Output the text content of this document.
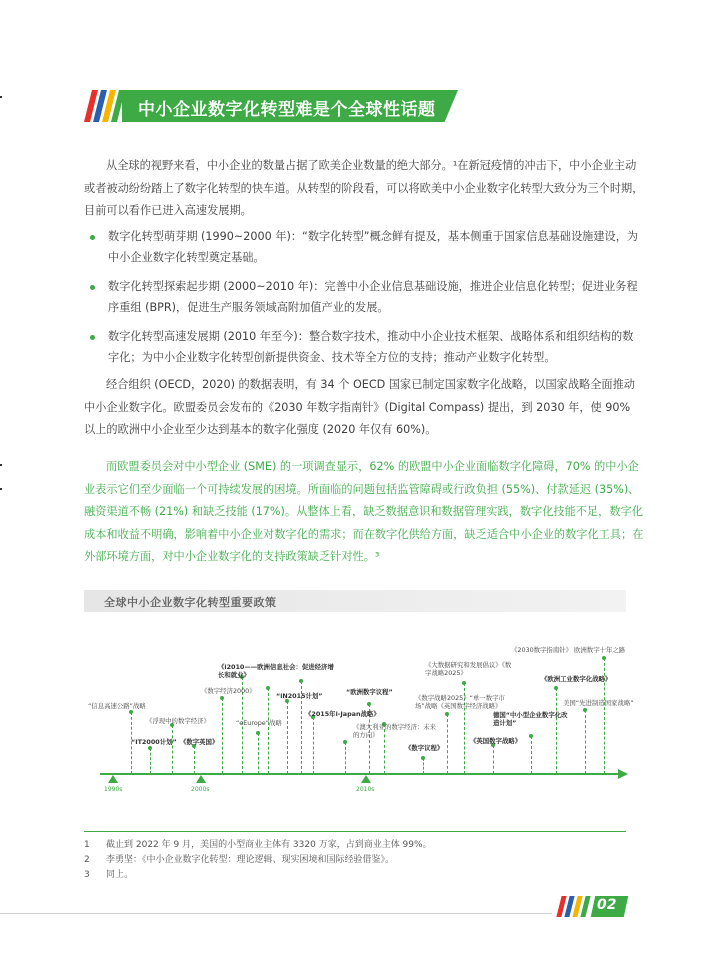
中小企业数字化转型难是个全球性话题

从全球的视野来看，中小企业的数量占据了欧美企业数量的绝大部分。¹在新冠疫情的冲击下，中小企业主动或者被动纷纷踏上了数字化转型的快车道。从转型的阶段看，可以将欧美中小企业数字化转型大致分为三个时期，目前可以看作已进入高速发展期。

数字化转型萌芽期 (1990~2000 年)：“数字化转型”概念鲜有提及，基本侧重于国家信息基础设施建设，为中小企业数字化转型奠定基础。

数字化转型探索起步期 (2000~2010 年)：完善中小企业信息基础设施，推进企业信息化转型；促进业务程序重组 (BPR)，促进生产服务领域高附加值产业的发展。

数字化转型高速发展期 (2010 年至今)：整合数字技术，推动中小企业技术框架、战略体系和组织结构的数字化；为中小企业数字化转型创新提供资金、技术等全方位的支持；推动产业数字化转型。

经合组织 (OECD，2020) 的数据表明，有 34 个 OECD 国家已制定国家数字化战略，以国家战略全面推动中小企业数字化。欧盟委员会发布的《2030 年数字指南针》(Digital Compass) 提出，到 2030 年，使 90% 以上的欧洲中小企业至少达到基本的数字化强度 (2020 年仅有 60%)。

而欧盟委员会对中小型企业 (SME) 的一项调查显示，62% 的欧盟中小企业面临数字化障碍，70% 的中小企业表示它们至少面临一个可持续发展的困境。所面临的问题包括监管障碍或行政负担 (55%)、付款延迟 (35%)、融资渠道不畅 (21%) 和缺乏技能 (17%)。从整体上看，缺乏数据意识和数据管理实践，数字化技能不足，数字化成本和收益不明确，影响着中小企业对数字化的需求；而在数字化供给方面，缺乏适合中小企业的数字化工具；在外部环境方面，对中小企业数字化的支持政策缺乏针对性。³

全球中小企业数字化转型重要政策
1990s	2000s	2010s
“信息高速公路”战略
“IT2000计划”
《浮现中的数字经济》
《数字英国》
《数字经济2000》
《i2010——欧洲信息社会：促进经济增长和就业》
“eEurope”战略
“iN2015计划”
《2015年i-Japan战略》
“欧洲数字议程”
《澳大利亚的数字经济：未来的方向》
《数字议程》
《大数据研究和发展倡议》《数字战略2025》
《数字战略2025》“单一数字市场”战略《英国数字经济战略》
《英国数字战略》
德国“中小型企业数字化改造计划”
《欧洲工业数字化战略》
美国“先进制造国家战略”
《2030数字指南针》 欧洲数字十年之路
1 截止到 2022 年 9 月，美国的小型商业主体有 3320 万家，占到商业主体 99%。
2 李勇坚：《中小企业数字化转型：理论逻辑、现实困境和国际经验借鉴》。
3 同上。
02
